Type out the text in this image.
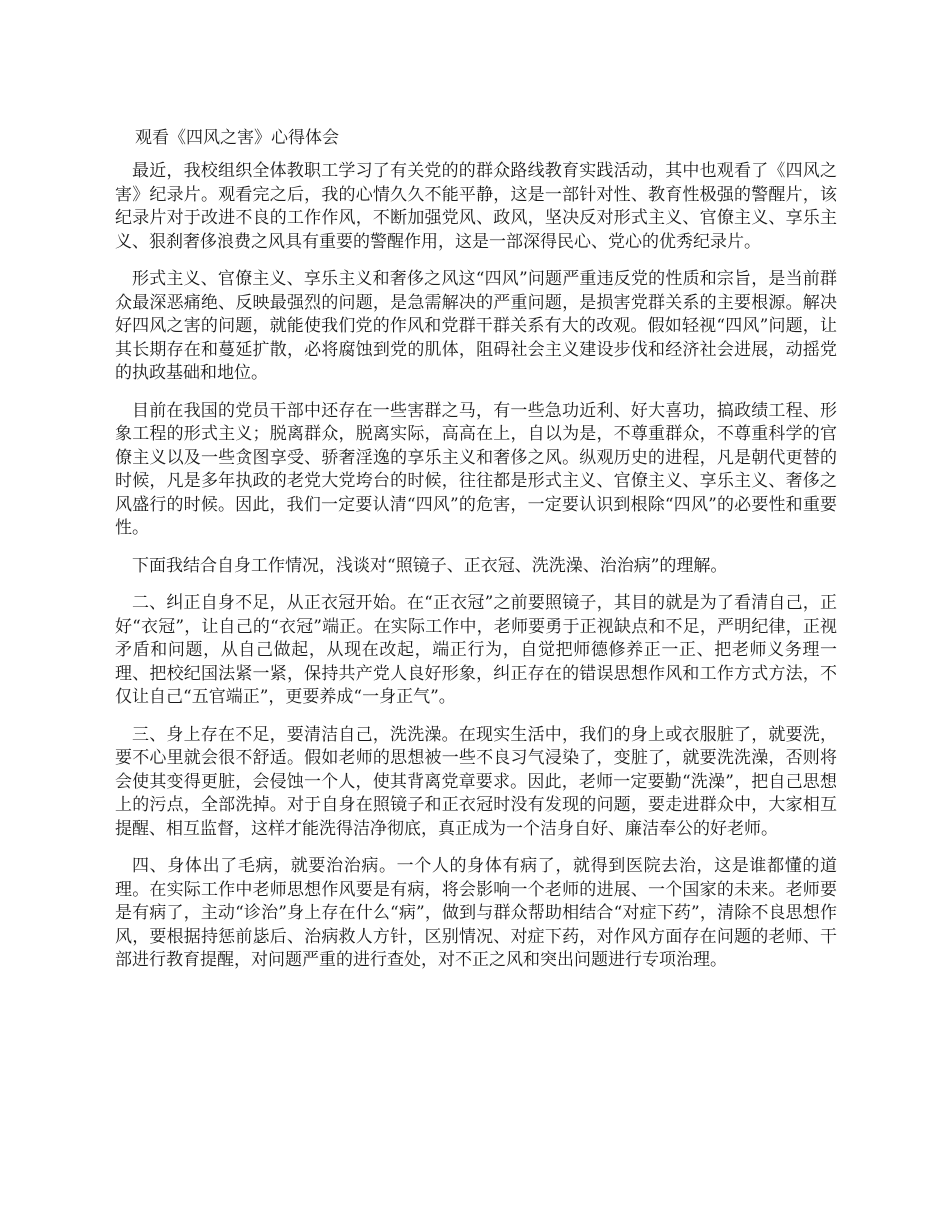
观看《四风之害》心得体会

最近，我校组织全体教职工学习了有关党的的群众路线教育实践活动，其中也观看了《四风之害》纪录片。观看完之后，我的心情久久不能平静，这是一部针对性、教育性极强的警醒片，该纪录片对于改进不良的工作作风，不断加强党风、政风，坚决反对形式主义、官僚主义、享乐主义、狠刹奢侈浪费之风具有重要的警醒作用，这是一部深得民心、党心的优秀纪录片。

形式主义、官僚主义、享乐主义和奢侈之风这“四风”问题严重违反党的性质和宗旨，是当前群众最深恶痛绝、反映最强烈的问题，是急需解决的严重问题，是损害党群关系的主要根源。解决好四风之害的问题，就能使我们党的作风和党群干群关系有大的改观。假如轻视“四风”问题，让其长期存在和蔓延扩散，必将腐蚀到党的肌体，阻碍社会主义建设步伐和经济社会进展，动摇党的执政基础和地位。

目前在我国的党员干部中还存在一些害群之马，有一些急功近利、好大喜功，搞政绩工程、形象工程的形式主义；脱离群众，脱离实际，高高在上，自以为是，不尊重群众，不尊重科学的官僚主义以及一些贪图享受、骄奢淫逸的享乐主义和奢侈之风。纵观历史的进程，凡是朝代更替的时候，凡是多年执政的老党大党垮台的时候，往往都是形式主义、官僚主义、享乐主义、奢侈之风盛行的时候。因此，我们一定要认清“四风”的危害，一定要认识到根除“四风”的必要性和重要性。

下面我结合自身工作情况，浅谈对“照镜子、正衣冠、洗洗澡、治治病”的理解。

二、纠正自身不足，从正衣冠开始。在“正衣冠”之前要照镜子，其目的就是为了看清自己，正好“衣冠”，让自己的“衣冠”端正。在实际工作中，老师要勇于正视缺点和不足，严明纪律，正视矛盾和问题，从自己做起，从现在改起，端正行为，自觉把师德修养正一正、把老师义务理一理、把校纪国法紧一紧，保持共产党人良好形象，纠正存在的错误思想作风和工作方式方法，不仅让自己“五官端正”，更要养成“一身正气”。

三、身上存在不足，要清洁自己，洗洗澡。在现实生活中，我们的身上或衣服脏了，就要洗，要不心里就会很不舒适。假如老师的思想被一些不良习气浸染了，变脏了，就要洗洗澡，否则将会使其变得更脏，会侵蚀一个人，使其背离党章要求。因此，老师一定要勤“洗澡”，把自己思想上的污点，全部洗掉。对于自身在照镜子和正衣冠时没有发现的问题，要走进群众中，大家相互提醒、相互监督，这样才能洗得洁净彻底，真正成为一个洁身自好、廉洁奉公的好老师。

四、身体出了毛病，就要治治病。一个人的身体有病了，就得到医院去治，这是谁都懂的道理。在实际工作中老师思想作风要是有病，将会影响一个老师的进展、一个国家的未来。老师要是有病了，主动“诊治”身上存在什么“病”，做到与群众帮助相结合“对症下药”，清除不良思想作风，要根据持惩前毖后、治病救人方针，区别情况、对症下药，对作风方面存在问题的老师、干部进行教育提醒，对问题严重的进行查处，对不正之风和突出问题进行专项治理。
